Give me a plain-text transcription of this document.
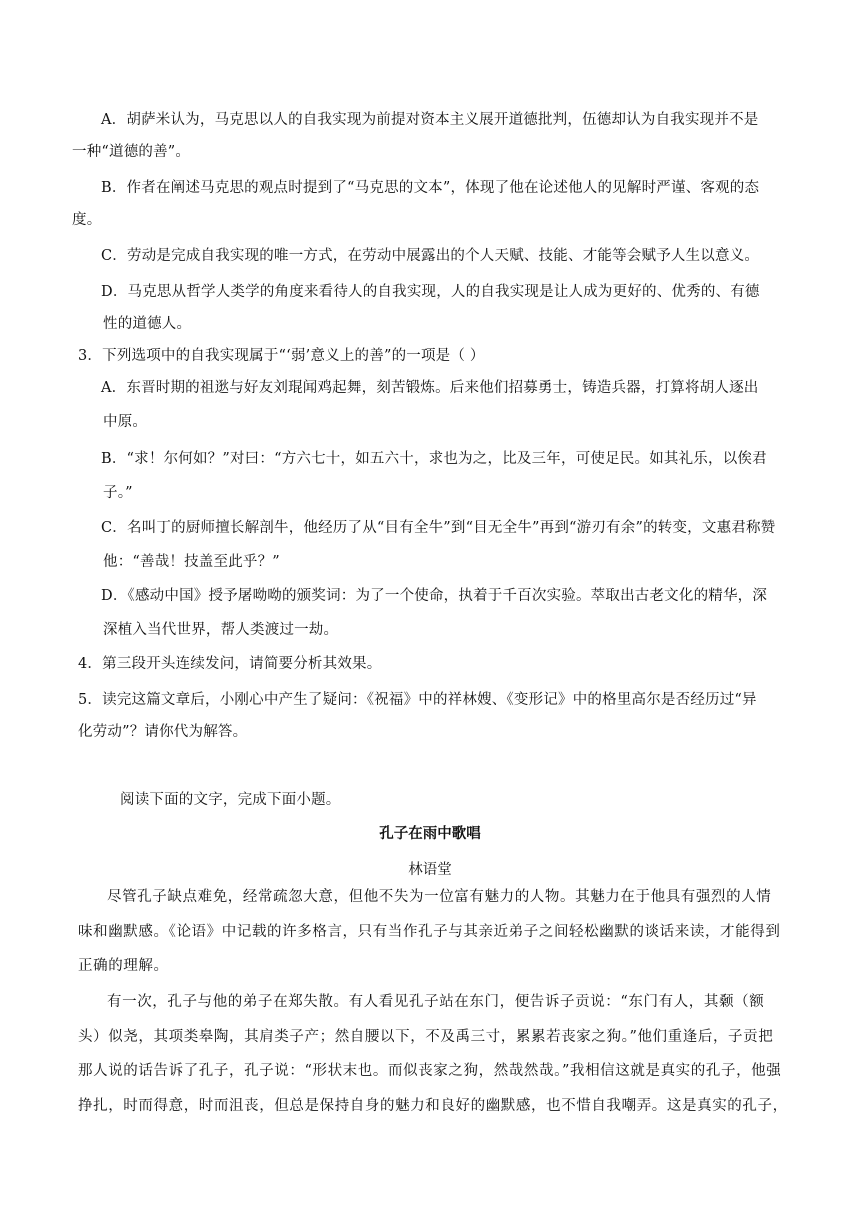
A．胡萨米认为，马克思以人的自我实现为前提对资本主义展开道德批判，伍德却认为自我实现并不是
一种“道德的善”。
B．作者在阐述马克思的观点时提到了“马克思的文本”，体现了他在论述他人的见解时严谨、客观的态
度。
C．劳动是完成自我实现的唯一方式，在劳动中展露出的个人天赋、技能、才能等会赋予人生以意义。
D．马克思从哲学人类学的角度来看待人的自我实现，人的自我实现是让人成为更好的、优秀的、有德
性的道德人。
3．下列选项中的自我实现属于“‘弱’意义上的善”的一项是（ ）
A．东晋时期的祖逖与好友刘琨闻鸡起舞，刻苦锻炼。后来他们招募勇士，铸造兵器，打算将胡人逐出
中原。
B．“求！尔何如？”对曰：“方六七十，如五六十，求也为之，比及三年，可使足民。如其礼乐，以俟君
子。”
C．名叫丁的厨师擅长解剖牛，他经历了从“目有全牛”到“目无全牛”再到“游刃有余”的转变，文惠君称赞
他：“善哉！技盖至此乎？”
D．《感动中国》授予屠呦呦的颁奖词：为了一个使命，执着于千百次实验。萃取出古老文化的精华，深
深植入当代世界，帮人类渡过一劫。
4．第三段开头连续发问，请简要分析其效果。
5．读完这篇文章后，小刚心中产生了疑问：《祝福》中的祥林嫂、《变形记》中的格里高尔是否经历过“异
化劳动”？请你代为解答。
阅读下面的文字，完成下面小题。
孔子在雨中歌唱
林语堂
尽管孔子缺点难免，经常疏忽大意，但他不失为一位富有魅力的人物。其魅力在于他具有强烈的人情
味和幽默感。《论语》中记载的许多格言，只有当作孔子与其亲近弟子之间轻松幽默的谈话来读，才能得到
正确的理解。
有一次，孔子与他的弟子在郑失散。有人看见孔子站在东门，便告诉子贡说：“东门有人，其颡（额
头）似尧，其项类皋陶，其肩类子产；然自腰以下，不及禹三寸，累累若丧家之狗。”他们重逢后，子贡把
那人说的话告诉了孔子，孔子说：“形状末也。而似丧家之狗，然哉然哉。”我相信这就是真实的孔子，他强
挣扎，时而得意，时而沮丧，但总是保持自身的魅力和良好的幽默感，也不惜自我嘲弄。这是真实的孔子，
